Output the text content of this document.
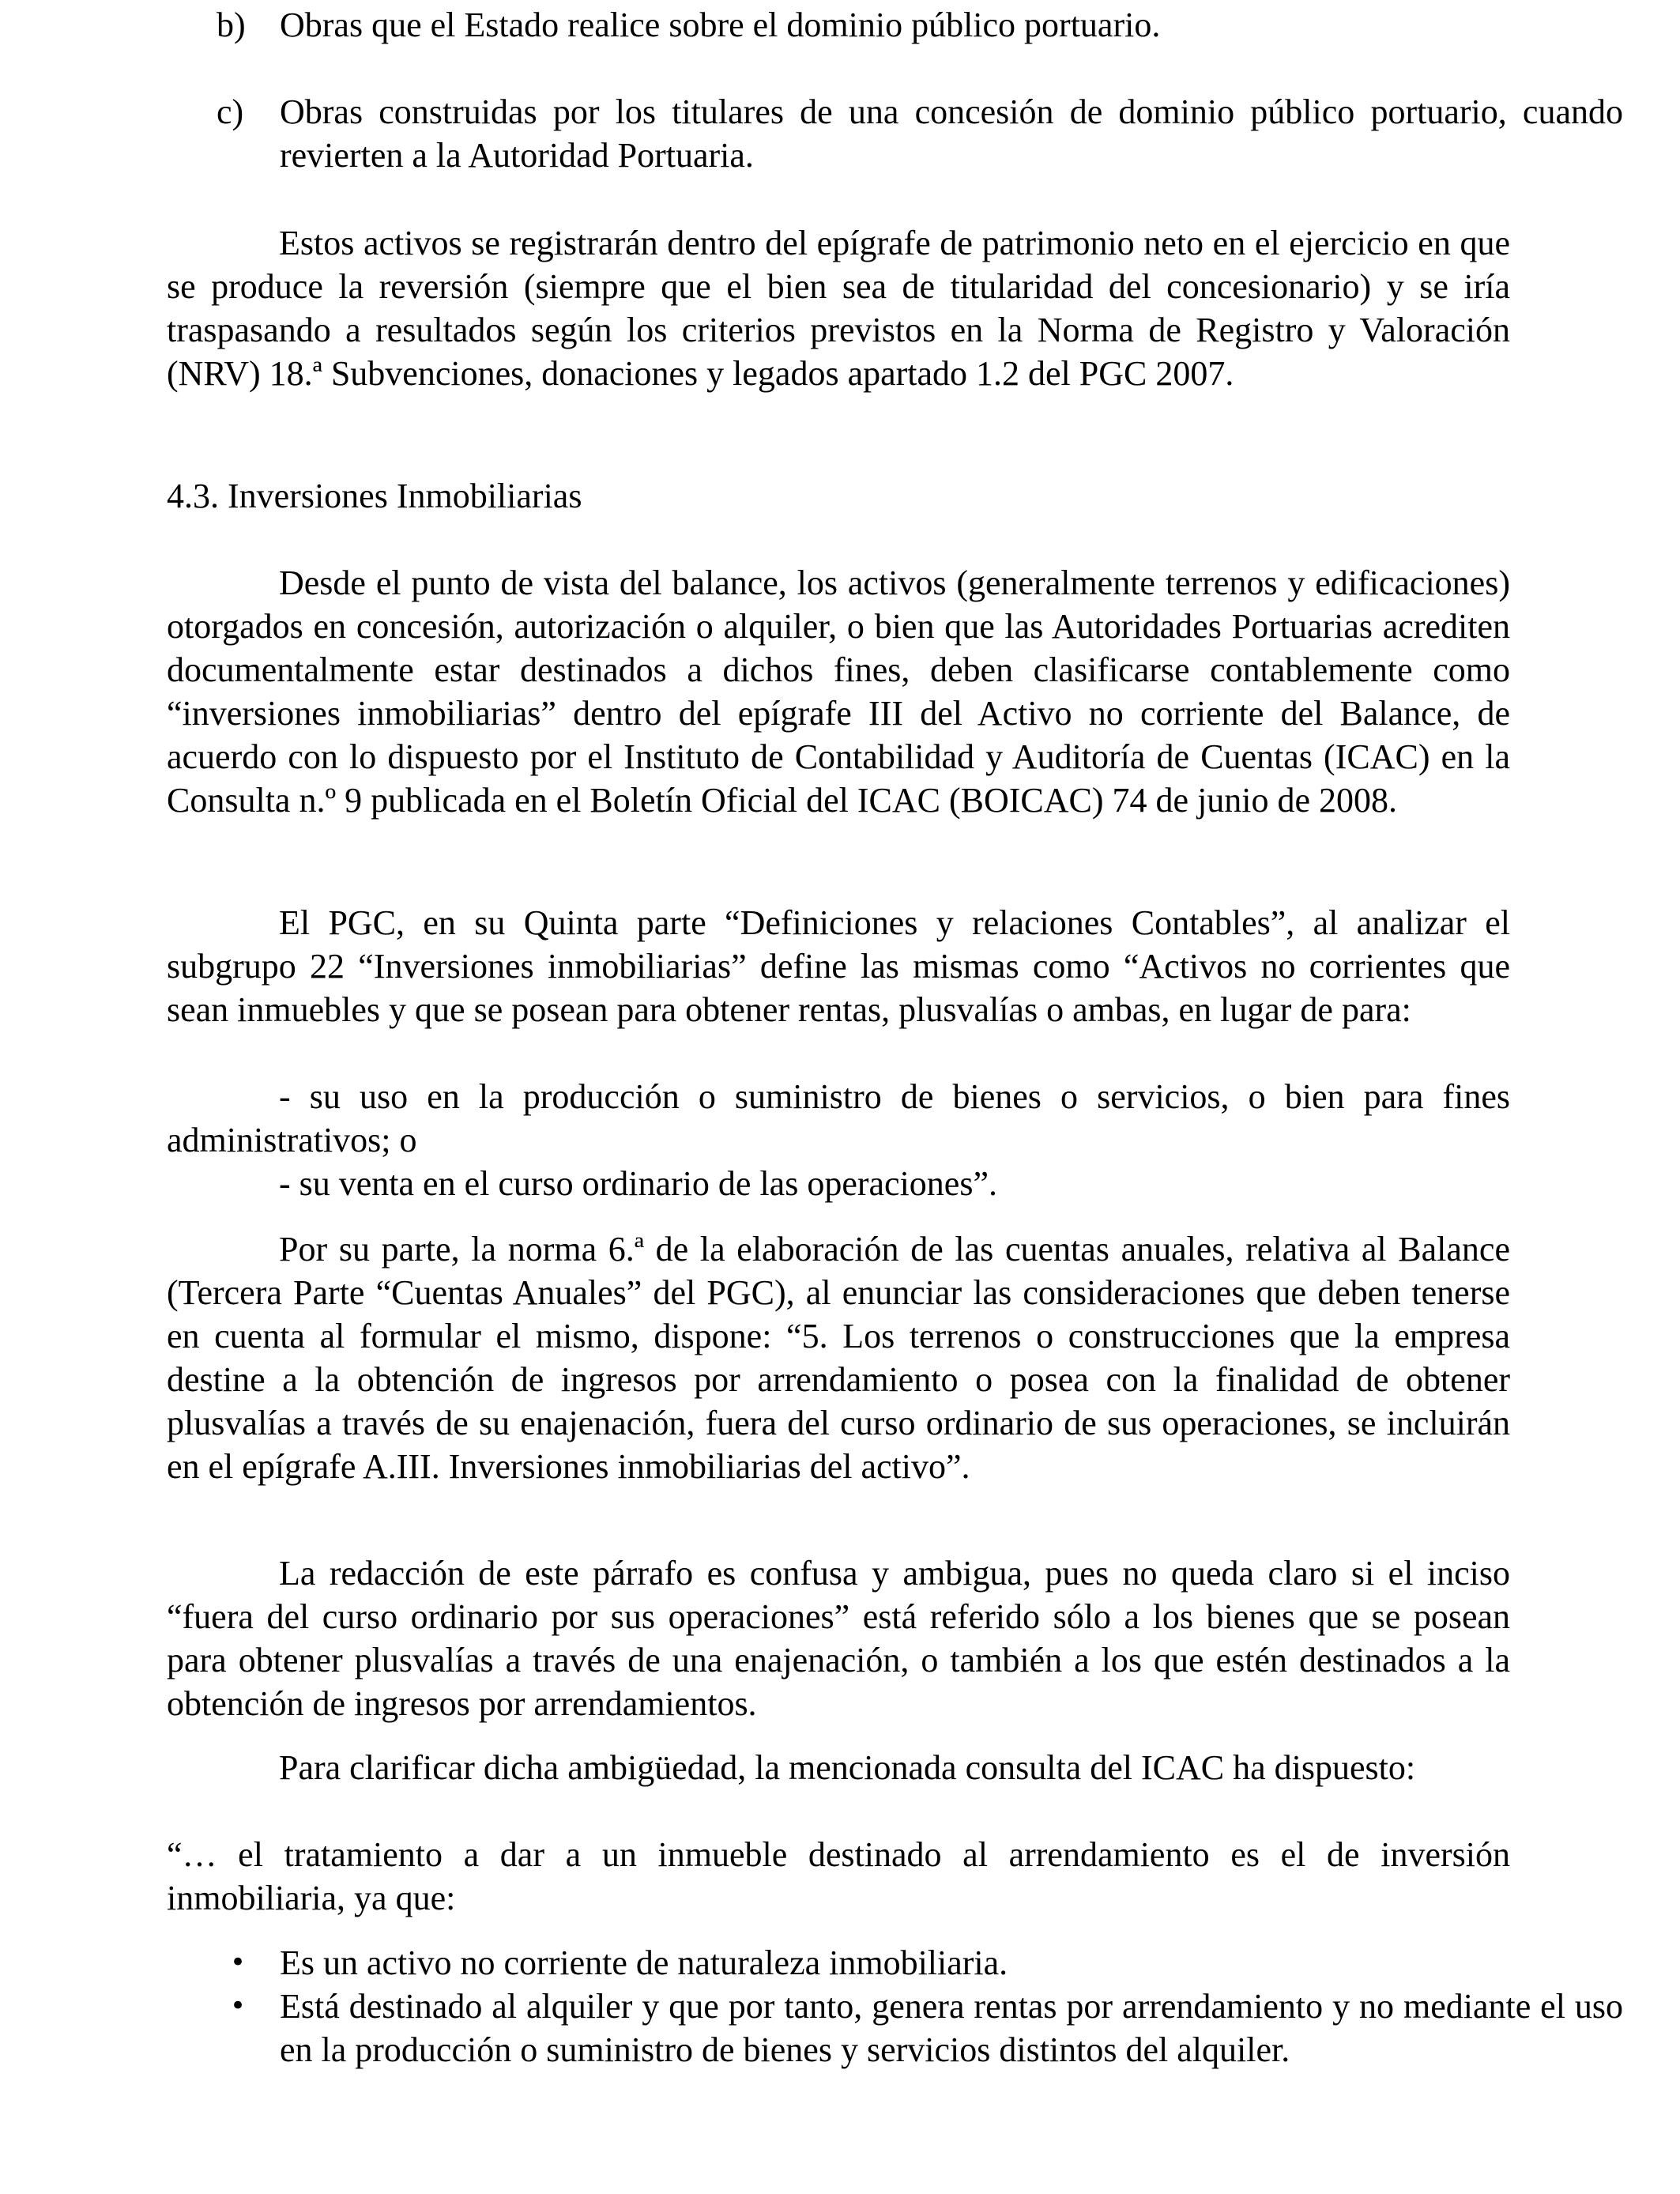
b) Obras que el Estado realice sobre el dominio público portuario.
c) Obras construidas por los titulares de una concesión de dominio público portuario, cuando revierten a la Autoridad Portuaria.

Estos activos se registrarán dentro del epígrafe de patrimonio neto en el ejercicio en que se produce la reversión (siempre que el bien sea de titularidad del concesionario) y se iría traspasando a resultados según los criterios previstos en la Norma de Registro y Valoración (NRV) 18.ª Subvenciones, donaciones y legados apartado 1.2 del PGC 2007.

4.3. Inversiones Inmobiliarias

Desde el punto de vista del balance, los activos (generalmente terrenos y edificaciones) otorgados en concesión, autorización o alquiler, o bien que las Autoridades Portuarias acrediten documentalmente estar destinados a dichos fines, deben clasificarse contablemente como “inversiones inmobiliarias” dentro del epígrafe III del Activo no corriente del Balance, de acuerdo con lo dispuesto por el Instituto de Contabilidad y Auditoría de Cuentas (ICAC) en la Consulta n.º 9 publicada en el Boletín Oficial del ICAC (BOICAC) 74 de junio de 2008.

El PGC, en su Quinta parte “Definiciones y relaciones Contables”, al analizar el subgrupo 22 “Inversiones inmobiliarias” define las mismas como “Activos no corrientes que sean inmuebles y que se posean para obtener rentas, plusvalías o ambas, en lugar de para:

- su uso en la producción o suministro de bienes o servicios, o bien para fines administrativos; o

- su venta en el curso ordinario de las operaciones”.

Por su parte, la norma 6.ª de la elaboración de las cuentas anuales, relativa al Balance (Tercera Parte “Cuentas Anuales” del PGC), al enunciar las consideraciones que deben tenerse en cuenta al formular el mismo, dispone: “5. Los terrenos o construcciones que la empresa destine a la obtención de ingresos por arrendamiento o posea con la finalidad de obtener plusvalías a través de su enajenación, fuera del curso ordinario de sus operaciones, se incluirán en el epígrafe A.III. Inversiones inmobiliarias del activo”.

La redacción de este párrafo es confusa y ambigua, pues no queda claro si el inciso “fuera del curso ordinario por sus operaciones” está referido sólo a los bienes que se posean para obtener plusvalías a través de una enajenación, o también a los que estén destinados a la obtención de ingresos por arrendamientos.

Para clarificar dicha ambigüedad, la mencionada consulta del ICAC ha dispuesto:

“… el tratamiento a dar a un inmueble destinado al arrendamiento es el de inversión inmobiliaria, ya que:

• Es un activo no corriente de naturaleza inmobiliaria.
• Está destinado al alquiler y que por tanto, genera rentas por arrendamiento y no mediante el uso en la producción o suministro de bienes y servicios distintos del alquiler.
